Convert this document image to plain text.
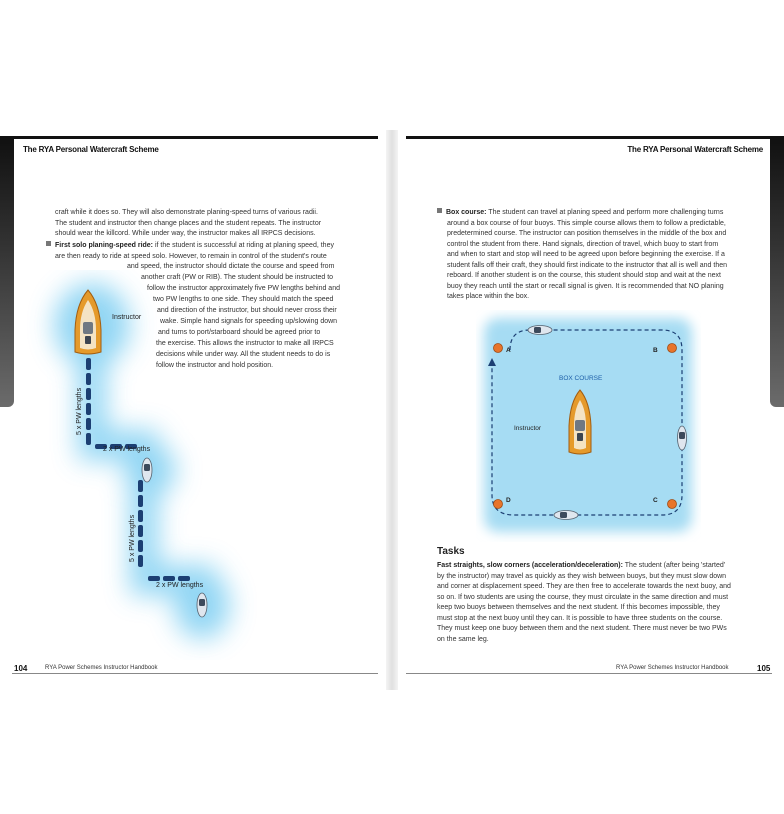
The RYA Personal Watercraft Scheme
craft while it does so. They will also demonstrate planing-speed turns of various radii.
The student and instructor then change places and the student repeats. The instructor
should wear the killcord. While under way, the instructor makes all IRPCS decisions.
First solo planing-speed ride: if the student is successful at riding at planing speed, they
are then ready to ride at speed solo. However, to remain in control of the student's route
and speed, the instructor should dictate the course and speed from
another craft (PW or RIB). The student should be instructed to
follow the instructor approximately five PW lengths behind and
two PW lengths to one side. They should match the speed
and direction of the instructor, but should never cross their
wake. Simple hand signals for speeding up/slowing down
and turns to port/starboard should be agreed prior to
the exercise. This allows the instructor to make all IRPCS
decisions while under way. All the student needs to do is
follow the instructor and hold position.
Instructor
5 x PW lengths
2 x PW lengths
5 x PW lengths
2 x PW lengths
104	RYA Power Schemes Instructor Handbook
The RYA Personal Watercraft Scheme
Box course: The student can travel at planing speed and perform more challenging turns
around a box course of four buoys. This simple course allows them to follow a predictable,
predetermined course. The instructor can position themselves in the middle of the box and
control the student from there. Hand signals, direction of travel, which buoy to start from
and when to start and stop will need to be agreed upon before beginning the exercise. If a
student falls off their craft, they should first indicate to the instructor that all is well and then
reboard. If another student is on the course, this student should stop and wait at the next
buoy they reach until the start or recall signal is given. It is recommended that NO planing
takes place within the box.
A	B
C
D
BOX COURSE
Instructor
Tasks
Fast straights, slow corners (acceleration/deceleration): The student (after being 'started'
by the instructor) may travel as quickly as they wish between buoys, but they must slow down
and corner at displacement speed. They are then free to accelerate towards the next buoy, and
so on. If two students are using the course, they must circulate in the same direction and must
keep two buoys between themselves and the next student. If this becomes impossible, they
must stop at the next buoy until they can. It is possible to have three students on the course.
They must keep one buoy between them and the next student. There must never be two PWs
on the same leg.
RYA Power Schemes Instructor Handbook	105
